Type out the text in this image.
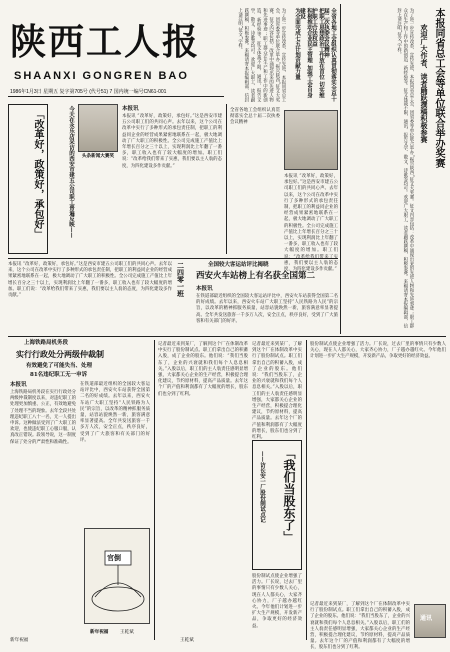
陕西工人报
SHAANXI GONGREN BAO
1986年1月3日 星期五 复字第705号 (代号51) 7 国内统一编号CN61-001	全省各地工会组织认真贯彻落实全总十届二次执委会议精神
把职工思想政治工作放在首位 切实维护职工合法权益
积极推动企业民主管理 加强工会自身建设
为全面完成七五计划贡献力量
为了进一步宣传改革、宣传先进，本报同省总工会、团省委等单位联合举办“振兴陕西”征文大奖赛。征文内容包括：改革中涌现出来的先进人物和先进事迹；职工群众在生产和工作中的新创造、新经验等。征文体裁不限，通讯、报告文学、散文、诗歌等均可。欢迎广大职工、读者踊跃撰稿，积极参赛。来稿请寄本报编辑部，信封上请注明“征文”字样。	本报同省总工会等单位联合举办奖赛
欢迎广大作者、读者踊跃撰稿积极参赛
为了进一步宣传改革、宣传先进，本报同省总工会、团省委等单位联合举办“振兴陕西”征文大奖赛。征文内容包括：改革中涌现出来的先进人物和先进事迹；职工群众在生产和工作中的新创造、新经验等。征文体裁不限，通讯、报告文学、散文、诗歌等均可。欢迎广大职工、读者踊跃撰稿，积极参赛。来稿请寄本报编辑部，信封上请注明“征文”字样。
「改革好，政策好，承包好」	今天在永乐店采访的西安市建五公司职工普遍反映——	头条新闻大赛奖
本报讯
本报讯 “改革好，政策好，承包好。”这是西安市建五公司职工们的共同心声。去年以来，这个公司在改革中实行了多种形式的承包责任制，把职工的利益同企业的经营成果紧密地联系在一起，极大地调动了广大职工的积极性。全公司完成施工产值比上年增长百分之三十以上，实现利润比上年翻了一番多，职工收入也有了较大幅度的增加。职工们说：“改革给我们带来了实惠，我们要以主人翁的态度，为四化建设多作贡献。”
全省各地工会组织认真贯彻落实全总十届二次执委会议精神
本报讯 “改革好，政策好，承包好。”这是西安市建五公司职工们的共同心声。去年以来，这个公司在改革中实行了多种形式的承包责任制，把职工的利益同企业的经营成果紧密地联系在一起，极大地调动了广大职工的积极性。全公司完成施工产值比上年增长百分之三十以上，实现利润比上年翻了一番多，职工收入也有了较大幅度的增加。职工们说：“改革给我们带来了实惠，我们要以主人翁的态度，为四化建设多作贡献。”
全国较大客运站评比揭晓
西安火车站榜上有名获全国第二
二四零一班 本报讯
在铁道部最近组织的全国较大客运站评比中，西安火车站获得全国第二名的好成绩。去年以来，西安火车站广大职工坚持“人民铁路为人民”的宗旨，以改革的精神抓服务质量，站容站貌焕然一新，旅客满意率显著提高。全年共发送旅客一千多万人次，安全正点，秩序良好，受到了广大旅客和有关部门的好评。
本报讯 “改革好，政策好，承包好。”这是西安市建五公司职工们的共同心声。去年以来，这个公司在改革中实行了多种形式的承包责任制，把职工的利益同企业的经营成果紧密地联系在一起，极大地调动了广大职工的积极性。全公司完成施工产值比上年增长百分之三十以上，实现利润比上年翻了一番多，职工收入也有了较大幅度的增加。职工们说：“改革给我们带来了实惠，我们要以主人翁的态度，为四化建设多作贡献。”
上海铁路局机务段
实行行政处分两级仲裁制
有效避免了可能失当、处理
81名违纪职工无一申诉
本报讯
上海铁路局机务段在实行行政处分两级仲裁制度以来，对违纪职工的处理更加慎重、公正，有效地避免了处理不当的现象。去年全段共处理违纪职工八十一名，无一人提出申诉。这种做法受到了广大职工的欢迎，也使违纪职工心服口服，认真改正错误。段领导说，这一制度保证了处分的严肃性和准确性。
在铁道部最近组织的全国较大客运站评比中，西安火车站获得全国第二名的好成绩。去年以来，西安火车站广大职工坚持“人民铁路为人民”的宗旨，以改革的精神抓服务质量，站容站貌焕然一新，旅客满意率显著提高。全年共发送旅客一千多万人次，安全正点，秩序良好，受到了广大旅客和有关部门的好评。
官倒
王乾斌
新年祝福
记者最近来到某厂，了解到这个厂在体制改革中实行了股份制试点。职工们拿出自己的积蓄入股，成了企业的股东。他们说：“我们当股东了，企业的兴衰就和我们每个人息息相关。”入股以后，职工们的主人翁责任感明显增强，大家都关心企业的生产经营，积极提合理化建议，节约原材料，提高产品质量。去年这个厂的产值和利润都有了大幅度的增长，股东们也分到了红利。
「我们当股东了」
——访长安一厂股份制试点记
记者最近来到某厂，了解到这个厂在体制改革中实行了股份制试点。职工们拿出自己的积蓄入股，成了企业的股东。他们说：“我们当股东了，企业的兴衰就和我们每个人息息相关。”入股以后，职工们的主人翁责任感明显增强，大家都关心企业的生产经营，积极提合理化建议，节约原材料，提高产品质量。去年这个厂的产值和利润都有了大幅度的增长，股东们也分到了红利。
股份制试点使企业增强了活力。厂长说，过去厂里的事情只有少数人关心，现在人人都关心，大家齐心协力，厂子越办越红火。今年他们计划进一步扩大生产规模，开发新产品，争取更好的经济效益。
股份制试点使企业增强了活力。厂长说，过去厂里的事情只有少数人关心，现在人人都关心，大家齐心协力，厂子越办越红火。今年他们计划进一步扩大生产规模，开发新产品，争取更好的经济效益。
记者最近来到某厂，了解到这个厂在体制改革中实行了股份制试点。职工们拿出自己的积蓄入股，成了企业的股东。他们说：“我们当股东了，企业的兴衰就和我们每个人息息相关。”入股以后，职工们的主人翁责任感明显增强，大家都关心企业的生产经营，积极提合理化建议，节约原材料，提高产品质量。去年这个厂的产值和利润都有了大幅度的增长，股东们也分到了红利。
通讯
新年祝福	王乾斌
